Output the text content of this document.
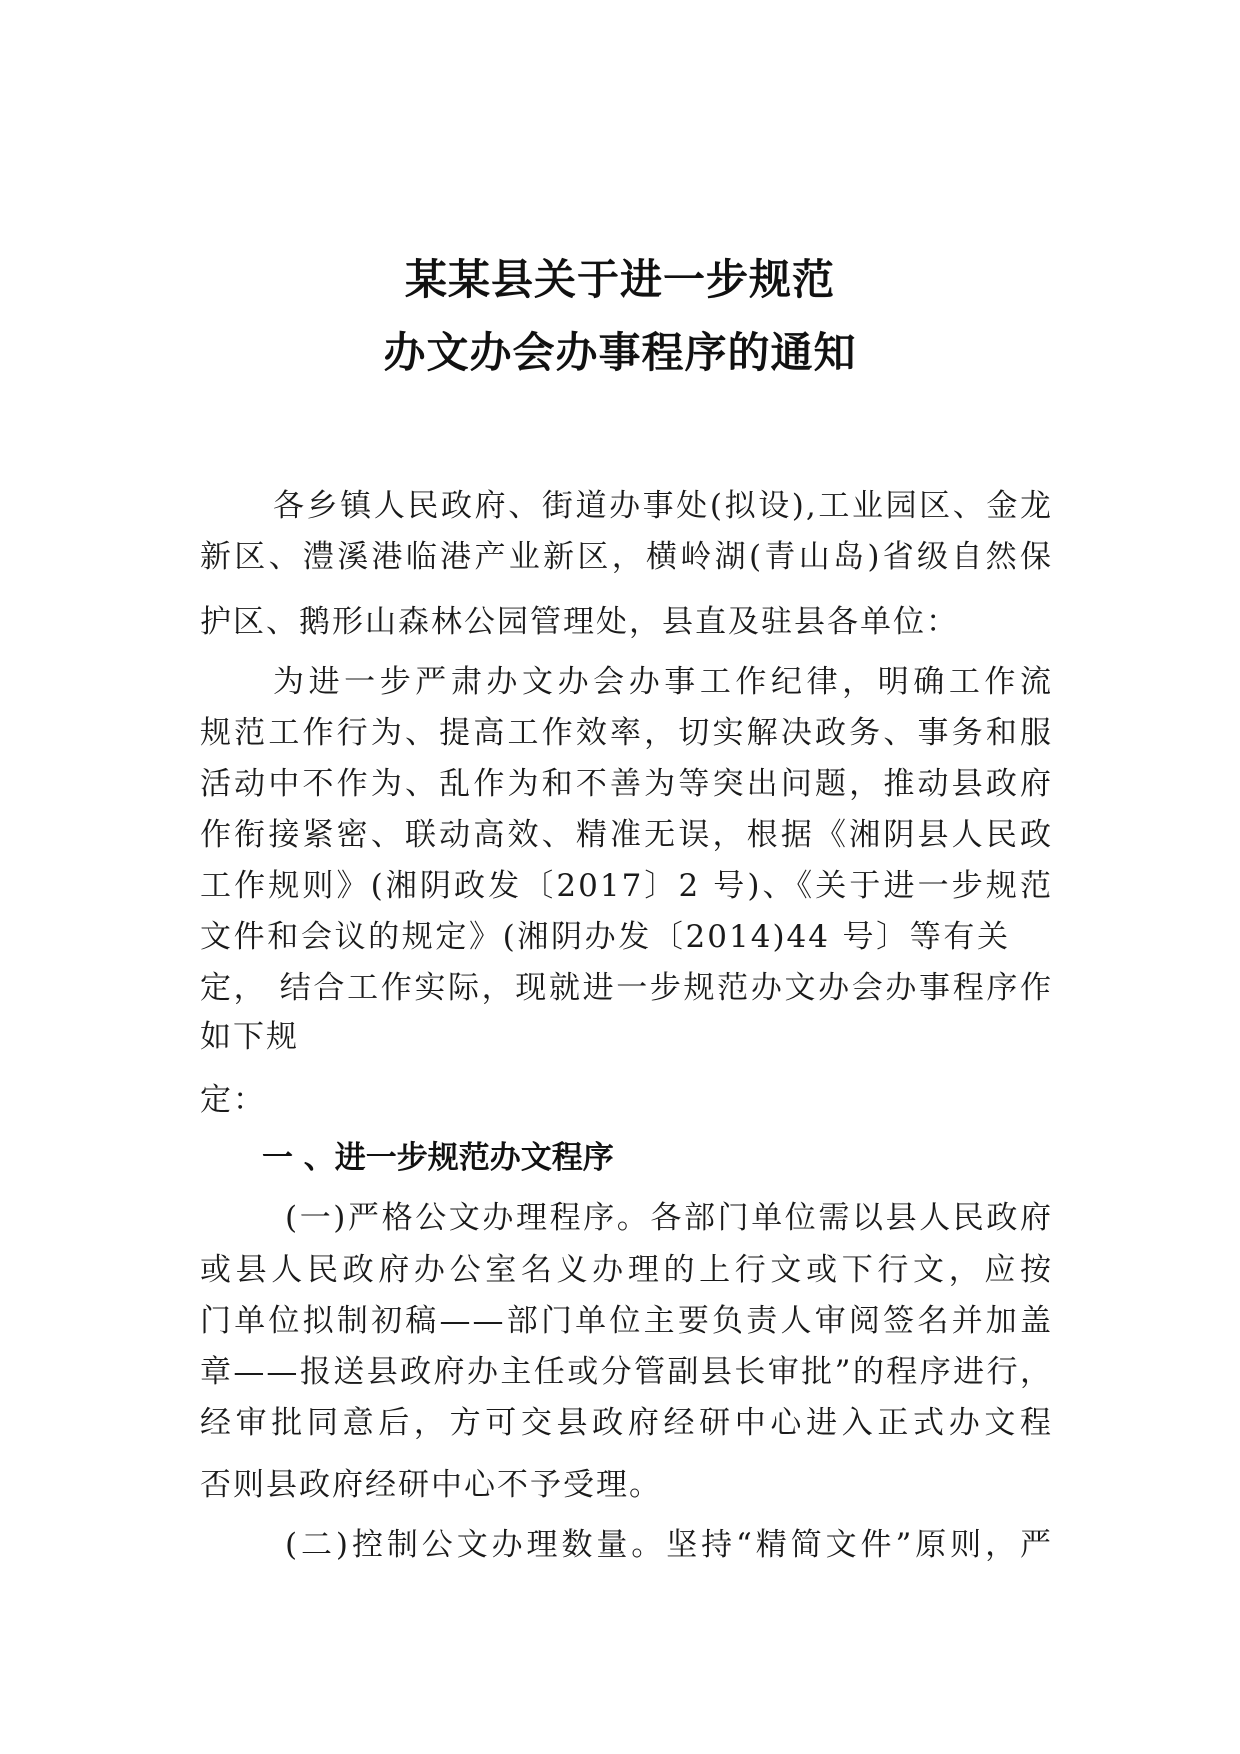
某某县关于进一步规范
办文办会办事程序的通知
各乡镇人民政府、街道办事处(拟设),工业园区、金龙
新区、澧溪港临港产业新区，横岭湖(青山岛)省级自然保
护区、鹅形山森林公园管理处，县直及驻县各单位：
为进一步严肃办文办会办事工作纪律，明确工作流
规范工作行为、提高工作效率，切实解决政务、事务和服
活动中不作为、乱作为和不善为等突出问题，推动县政府
作衔接紧密、联动高效、精准无误，根据《湘阴县人民政
工作规则》(湘阴政发〔2017〕2 号)、《关于进一步规范
文件和会议的规定》(湘阴办发〔2014)44 号〕等有关
定， 结合工作实际，现就进一步规范办文办会办事程序作
如下规
定：
一 、进一步规范办文程序
(一)严格公文办理程序。各部门单位需以县人民政府
或县人民政府办公室名义办理的上行文或下行文，应按
门单位拟制初稿——部门单位主要负责人审阅签名并加盖
章——报送县政府办主任或分管副县长审批”的程序进行，
经审批同意后，方可交县政府经研中心进入正式办文程
否则县政府经研中心不予受理。
(二)控制公文办理数量。坚持“精简文件”原则，严
